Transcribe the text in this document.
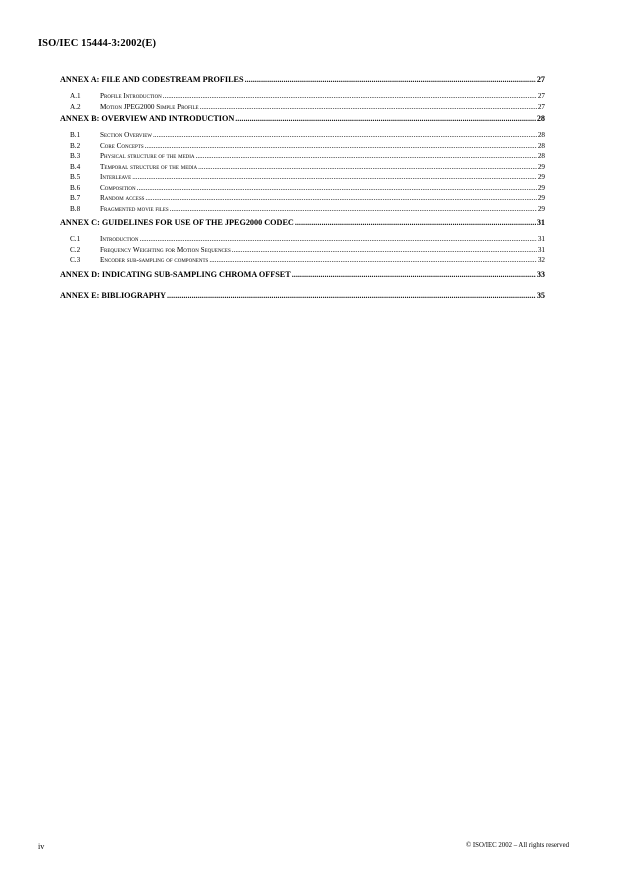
ISO/IEC 15444-3:2002(E)
ANNEX A: FILE AND CODESTREAM PROFILES .....	27
A.1	Profile Introduction .....	27
A.2	Motion JPEG2000 Simple Profile .....	27
ANNEX B: OVERVIEW AND INTRODUCTION .....	28
B.1	Section Overview .....	28
B.2	Core Concepts .....	28
B.3	Physical structure of the media .....	28
B.4	Temporal structure of the media .....	29
B.5	Interleave .....	29
B.6	Composition .....	29
B.7	Random access .....	29
B.8	Fragmented movie files .....	29
ANNEX C: GUIDELINES FOR USE OF THE JPEG2000 CODEC .....	31
C.1	Introduction .....	31
C.2	Frequency Weighting for Motion Sequences .....	31
C.3	Encoder sub-sampling of components .....	32
ANNEX D: INDICATING SUB-SAMPLING CHROMA OFFSET .....	33
ANNEX E: BIBLIOGRAPHY .....	35
iv	© ISO/IEC 2002 – All rights reserved
